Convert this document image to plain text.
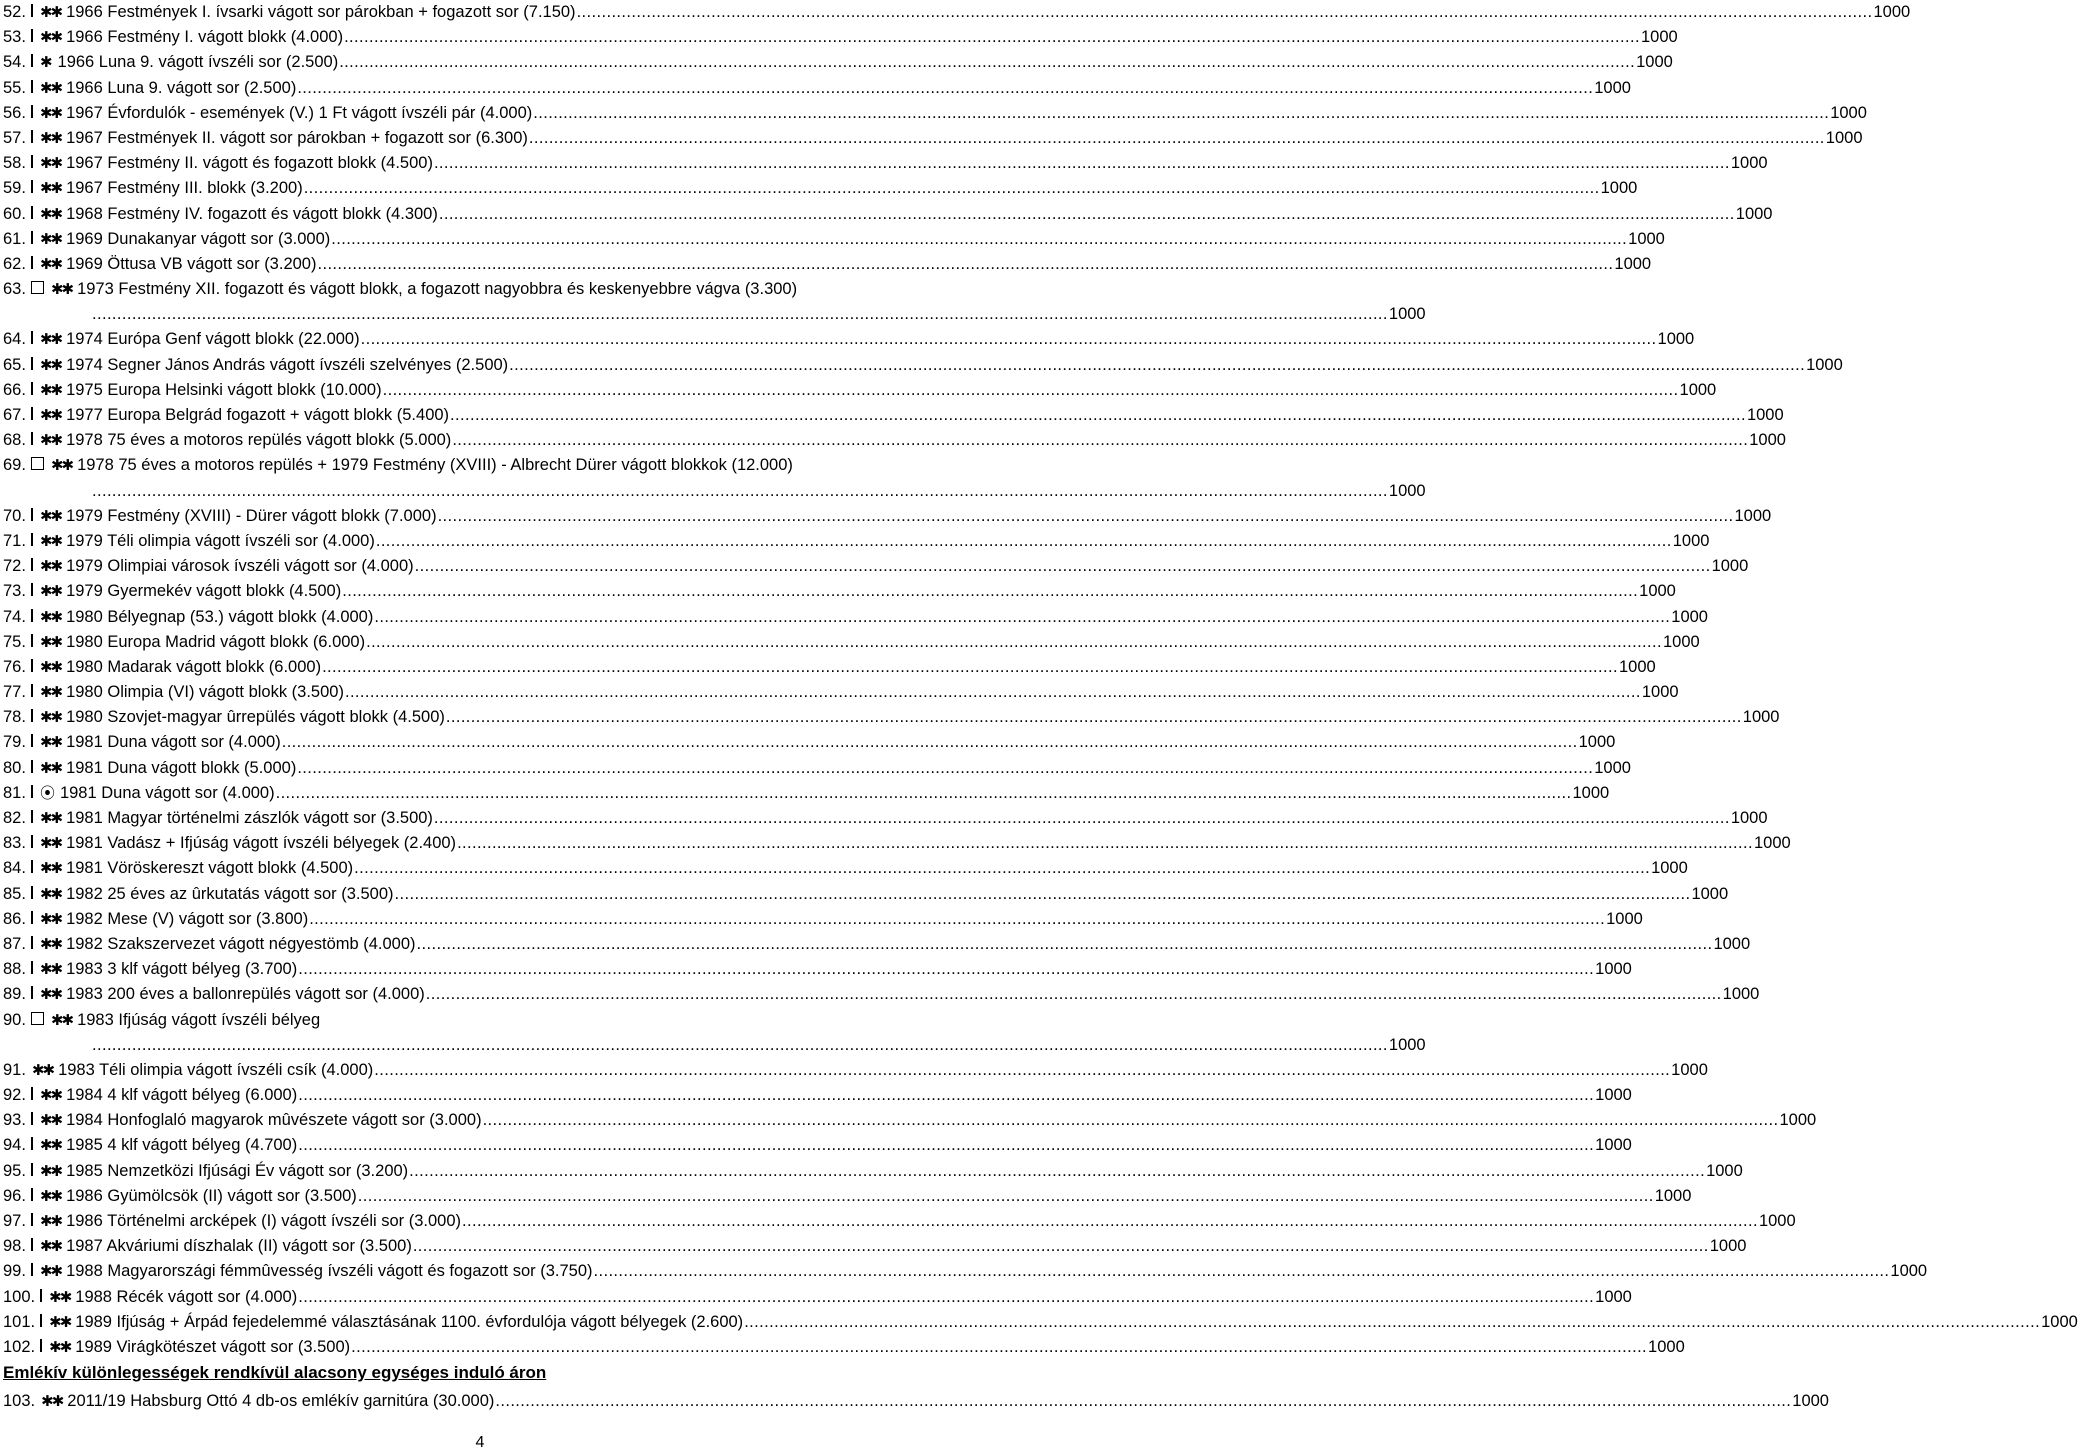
52. ✱✱ 1966 Festmények I. ívsarki vágott sor párokban + fogazott sor (7.150) .....	1000
53. ✱✱ 1966 Festmény I. vágott blokk (4.000) .....	1000
54. ✱ 1966 Luna 9. vágott ívszéli sor (2.500) .....	1000
55. ✱✱ 1966 Luna 9. vágott sor (2.500) .....	1000
56. ✱✱ 1967 Évfordulók - események (V.) 1 Ft vágott ívszéli pár (4.000) .....	1000
57. ✱✱ 1967 Festmények II. vágott sor párokban + fogazott sor (6.300) .....	1000
58. ✱✱ 1967 Festmény II. vágott és fogazott blokk (4.500) .....	1000
59. ✱✱ 1967 Festmény III. blokk (3.200) .....	1000
60. ✱✱ 1968 Festmény IV. fogazott és vágott blokk (4.300) .....	1000
61. ✱✱ 1969 Dunakanyar vágott sor (3.000) .....	1000
62. ✱✱ 1969 Öttusa VB vágott sor (3.200) .....	1000
63. ✱✱ 1973 Festmény XII. fogazott és vágott blokk, a fogazott nagyobbra és keskenyebbre vágva (3.300)
.....
1000
64. ✱✱ 1974 Európa Genf vágott blokk (22.000) .....	1000
65. ✱✱ 1974 Segner János András vágott ívszéli szelvényes (2.500) .....	1000
66. ✱✱ 1975 Europa Helsinki vágott blokk (10.000) .....	1000
67. ✱✱ 1977 Europa Belgrád fogazott + vágott blokk (5.400) .....	1000
68. ✱✱ 1978 75 éves a motoros repülés vágott blokk (5.000) .....	1000
69. ✱✱ 1978 75 éves a motoros repülés + 1979 Festmény (XVIII) - Albrecht Dürer vágott blokkok (12.000)
.....
1000
70. ✱✱ 1979 Festmény (XVIII) - Dürer vágott blokk (7.000) .....	1000
71. ✱✱ 1979 Téli olimpia vágott ívszéli sor (4.000) .....	1000
72. ✱✱ 1979 Olimpiai városok ívszéli vágott sor (4.000) .....	1000
73. ✱✱ 1979 Gyermekév vágott blokk (4.500) .....	1000
74. ✱✱ 1980 Bélyegnap (53.) vágott blokk (4.000) .....	1000
75. ✱✱ 1980 Europa Madrid vágott blokk (6.000) .....	1000
76. ✱✱ 1980 Madarak vágott blokk (6.000) .....	1000
77. ✱✱ 1980 Olimpia (VI) vágott blokk (3.500) .....	1000
78. ✱✱ 1980 Szovjet-magyar ûrrepülés vágott blokk (4.500) .....	1000
79. ✱✱ 1981 Duna vágott sor (4.000) .....	1000
80. ✱✱ 1981 Duna vágott blokk (5.000) .....	1000
81. ⦿ 1981 Duna vágott sor (4.000) .....	1000
82. ✱✱ 1981 Magyar történelmi zászlók vágott sor (3.500) .....	1000
83. ✱✱ 1981 Vadász + Ifjúság vágott ívszéli bélyegek (2.400) .....	1000
84. ✱✱ 1981 Vöröskereszt vágott blokk (4.500) .....	1000
85. ✱✱ 1982 25 éves az ûrkutatás vágott sor (3.500) .....	1000
86. ✱✱ 1982 Mese (V) vágott sor (3.800) .....	1000
87. ✱✱ 1982 Szakszervezet vágott négyestömb (4.000) .....	1000
88. ✱✱ 1983 3 klf vágott bélyeg (3.700) .....	1000
89. ✱✱ 1983 200 éves a ballonrepülés vágott sor (4.000) .....	1000
90. ✱✱ 1983 Ifjúság vágott ívszéli bélyeg
.....
1000
91. ✱✱ 1983 Téli olimpia vágott ívszéli csík (4.000) .....	1000
92. ✱✱ 1984 4 klf vágott bélyeg (6.000) .....	1000
93. ✱✱ 1984 Honfoglaló magyarok mûvészete vágott sor (3.000) .....	1000
94. ✱✱ 1985 4 klf vágott bélyeg (4.700) .....	1000
95. ✱✱ 1985 Nemzetközi Ifjúsági Év vágott sor (3.200) .....	1000
96. ✱✱ 1986 Gyümölcsök (II) vágott sor (3.500) .....	1000
97. ✱✱ 1986 Történelmi arcképek (I) vágott ívszéli sor (3.000) .....	1000
98. ✱✱ 1987 Akváriumi díszhalak (II) vágott sor (3.500) .....	1000
99. ✱✱ 1988 Magyarországi fémmûvesség ívszéli vágott és fogazott sor (3.750) .....	1000
100. ✱✱ 1988 Récék vágott sor (4.000) .....	1000
101. ✱✱ 1989 Ifjúság + Árpád fejedelemmé választásának 1100. évfordulója vágott bélyegek (2.600) .....	1000
102. ✱✱ 1989 Virágkötészet vágott sor (3.500) .....	1000
Emlékív különlegességek rendkívül alacsony egységes induló áron
103. ✱✱ 2011/19 Habsburg Ottó 4 db-os emlékív garnitúra (30.000) .....	1000
4
